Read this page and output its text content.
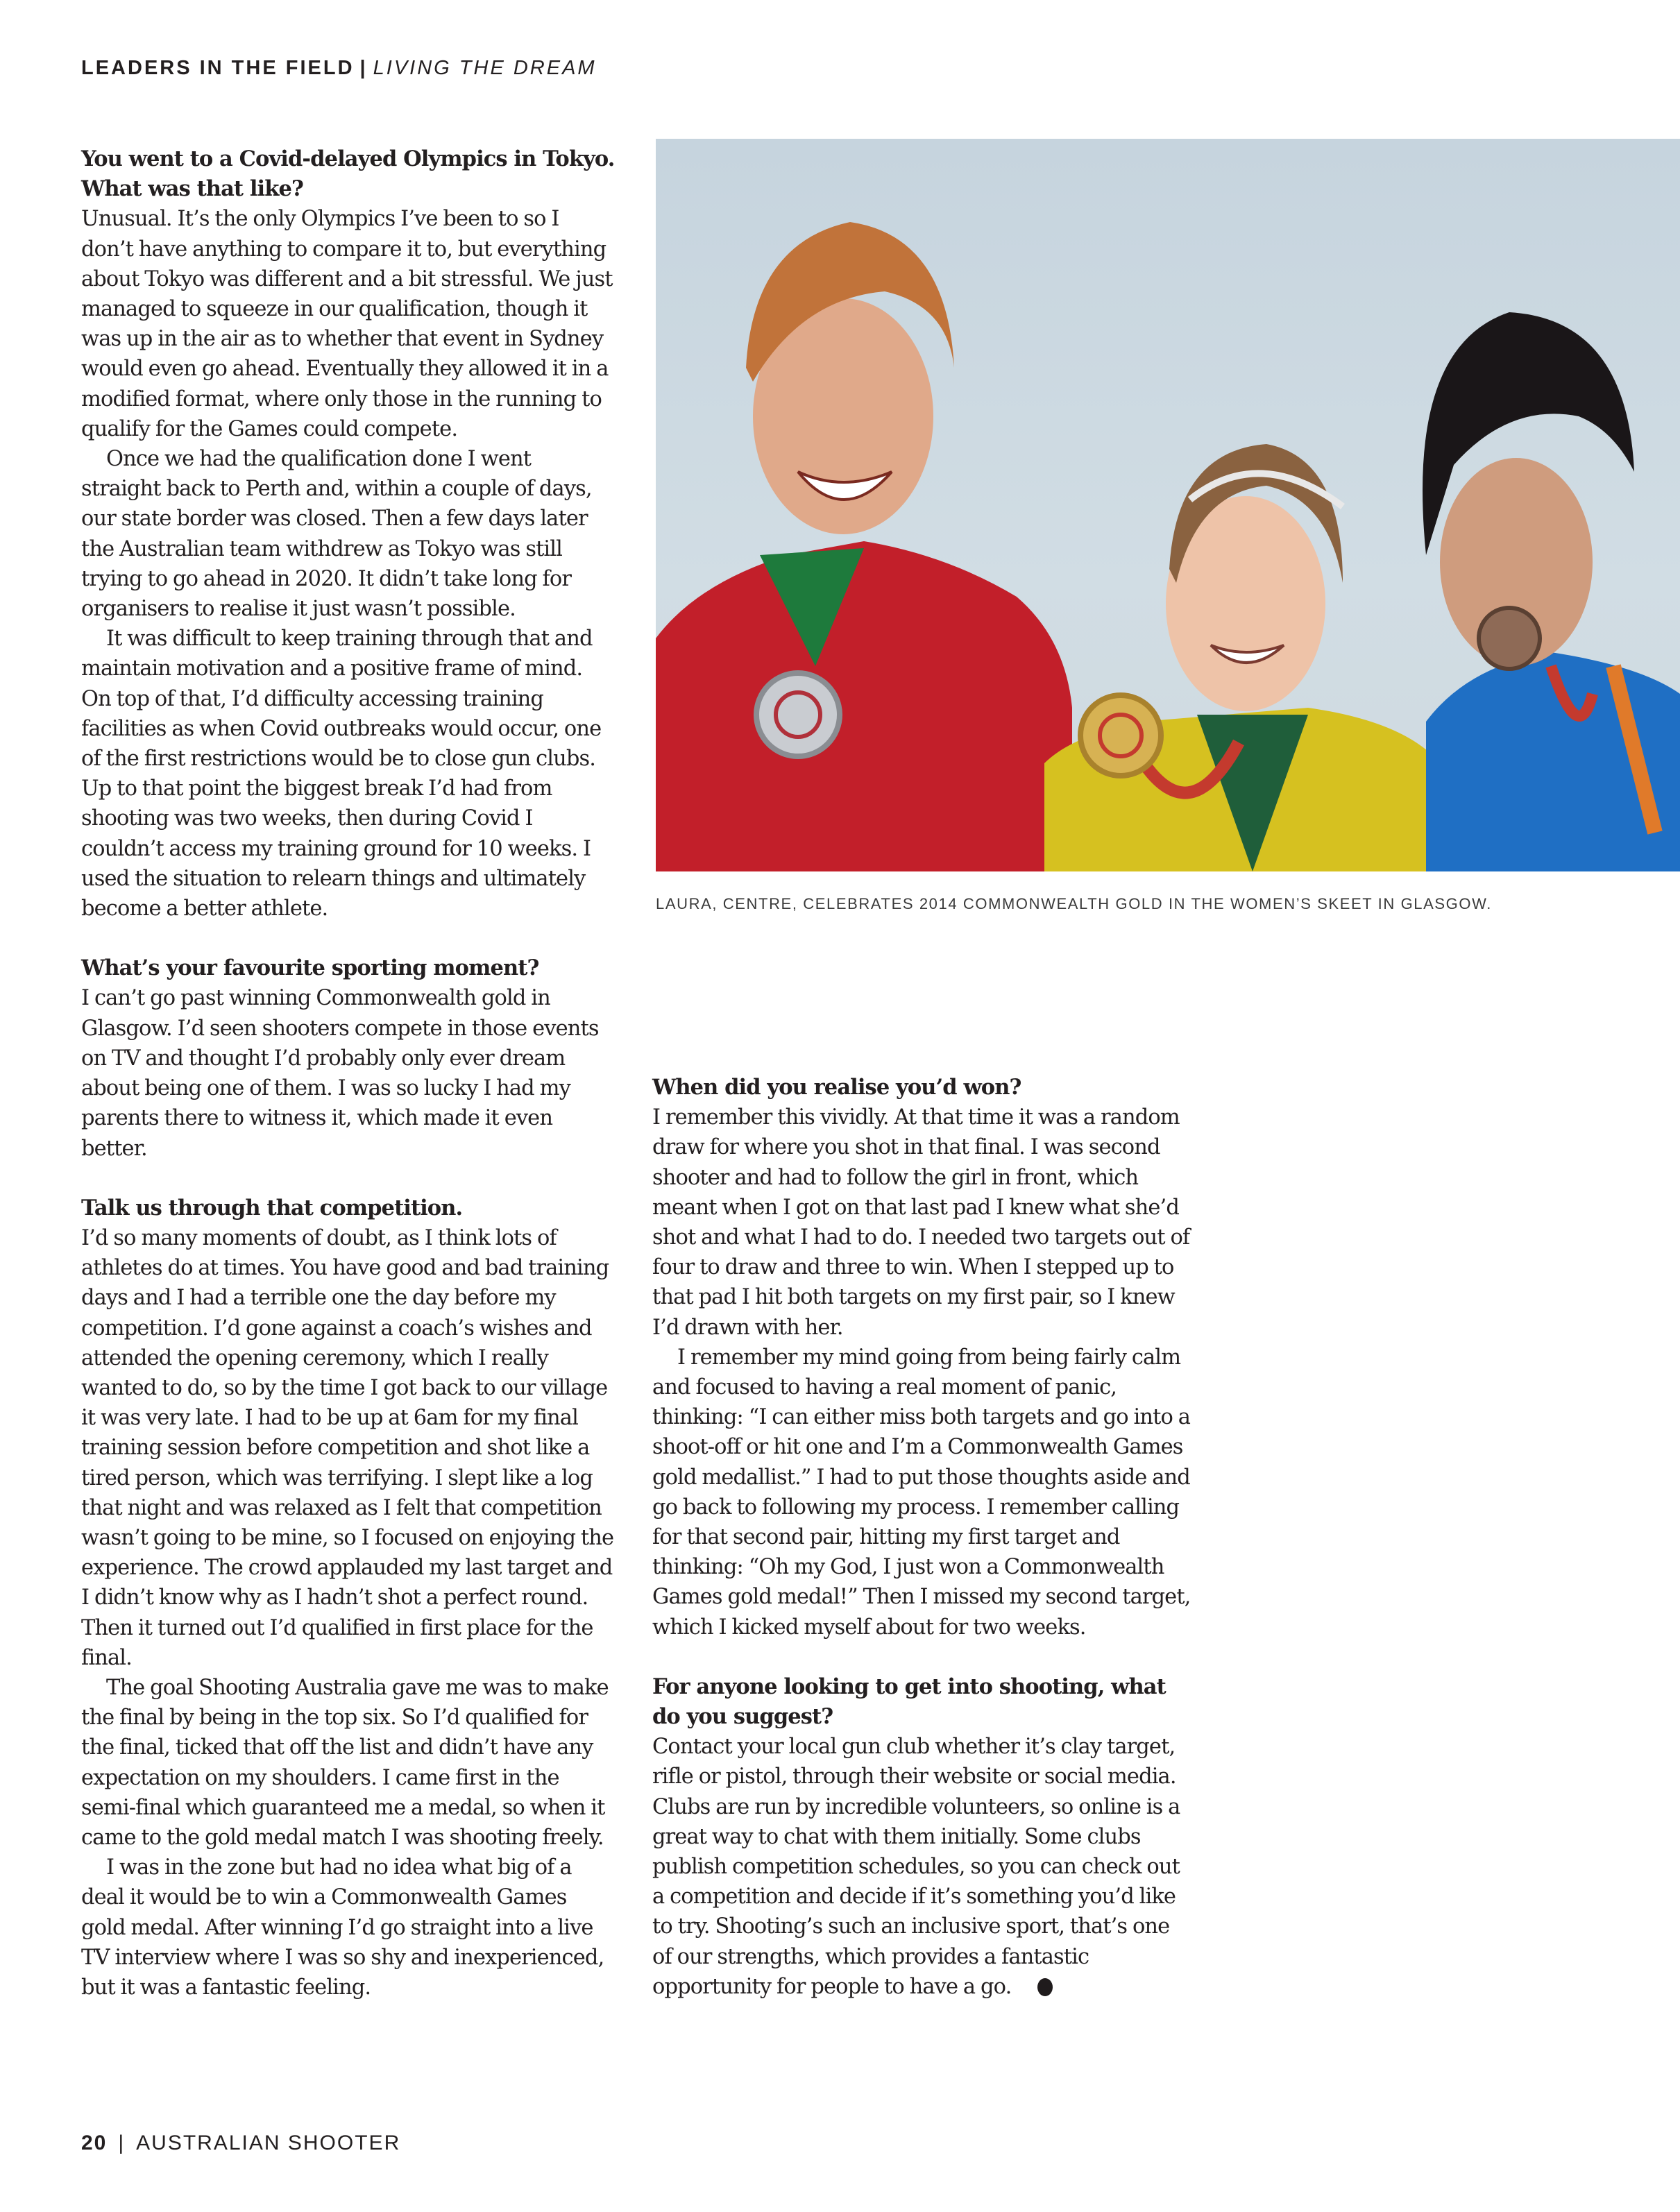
LEADERS IN THE FIELD | LIVING THE DREAM
You went to a Covid-delayed Olympics in Tokyo. What was that like?

Unusual. It’s the only Olympics I’ve been to so I don’t have anything to compare it to, but everything about Tokyo was different and a bit stressful. We just managed to squeeze in our qualification, though it was up in the air as to whether that event in Sydney would even go ahead. Eventually they allowed it in a modified format, where only those in the running to qualify for the Games could compete.

Once we had the qualification done I went straight back to Perth and, within a couple of days, our state border was closed. Then a few days later the Australian team withdrew as Tokyo was still trying to go ahead in 2020. It didn’t take long for organisers to realise it just wasn’t possible.

It was difficult to keep training through that and maintain motivation and a positive frame of mind. On top of that, I’d difficulty accessing training facilities as when Covid outbreaks would occur, one of the first restrictions would be to close gun clubs. Up to that point the biggest break I’d had from shooting was two weeks, then during Covid I couldn’t access my training ground for 10 weeks. I used the situation to relearn things and ultimately become a better athlete.

What’s your favourite sporting moment?

I can’t go past winning Commonwealth gold in Glasgow. I’d seen shooters compete in those events on TV and thought I’d probably only ever dream about being one of them. I was so lucky I had my parents there to witness it, which made it even better.

Talk us through that competition.

I’d so many moments of doubt, as I think lots of athletes do at times. You have good and bad training days and I had a terrible one the day before my competition. I’d gone against a coach’s wishes and attended the opening ceremony, which I really wanted to do, so by the time I got back to our village it was very late. I had to be up at 6am for my final training session before competition and shot like a tired person, which was terrifying. I slept like a log that night and was relaxed as I felt that competition wasn’t going to be mine, so I focused on enjoying the experience. The crowd applauded my last target and I didn’t know why as I hadn’t shot a perfect round. Then it turned out I’d qualified in first place for the final.

The goal Shooting Australia gave me was to make the final by being in the top six. So I’d qualified for the final, ticked that off the list and didn’t have any expectation on my shoulders. I came first in the semi-final which guaranteed me a medal, so when it came to the gold medal match I was shooting freely.

I was in the zone but had no idea what big of a deal it would be to win a Commonwealth Games gold medal. After winning I’d go straight into a live TV interview where I was so shy and inexperienced, but it was a fantastic feeling.

LAURA, CENTRE, CELEBRATES 2014 COMMONWEALTH GOLD IN THE WOMEN’S SKEET IN GLASGOW.
When did you realise you’d won?

I remember this vividly. At that time it was a random draw for where you shot in that final. I was second shooter and had to follow the girl in front, which meant when I got on that last pad I knew what she’d shot and what I had to do. I needed two targets out of four to draw and three to win. When I stepped up to that pad I hit both targets on my first pair, so I knew I’d drawn with her.

I remember my mind going from being fairly calm and focused to having a real moment of panic, thinking: “I can either miss both targets and go into a shoot-off or hit one and I’m a Commonwealth Games gold medallist.” I had to put those thoughts aside and go back to following my process. I remember calling for that second pair, hitting my first target and thinking: “Oh my God, I just won a Commonwealth Games gold medal!” Then I missed my second target, which I kicked myself about for two weeks.

For anyone looking to get into shooting, what do you suggest?

Contact your local gun club whether it’s clay target, rifle or pistol, through their website or social media. Clubs are run by incredible volunteers, so online is a great way to chat with them initially. Some clubs publish competition schedules, so you can check out a competition and decide if it’s something you’d like to try. Shooting’s such an inclusive sport, that’s one of our strengths, which provides a fantastic opportunity for people to have a go.

20 | AUSTRALIAN SHOOTER
